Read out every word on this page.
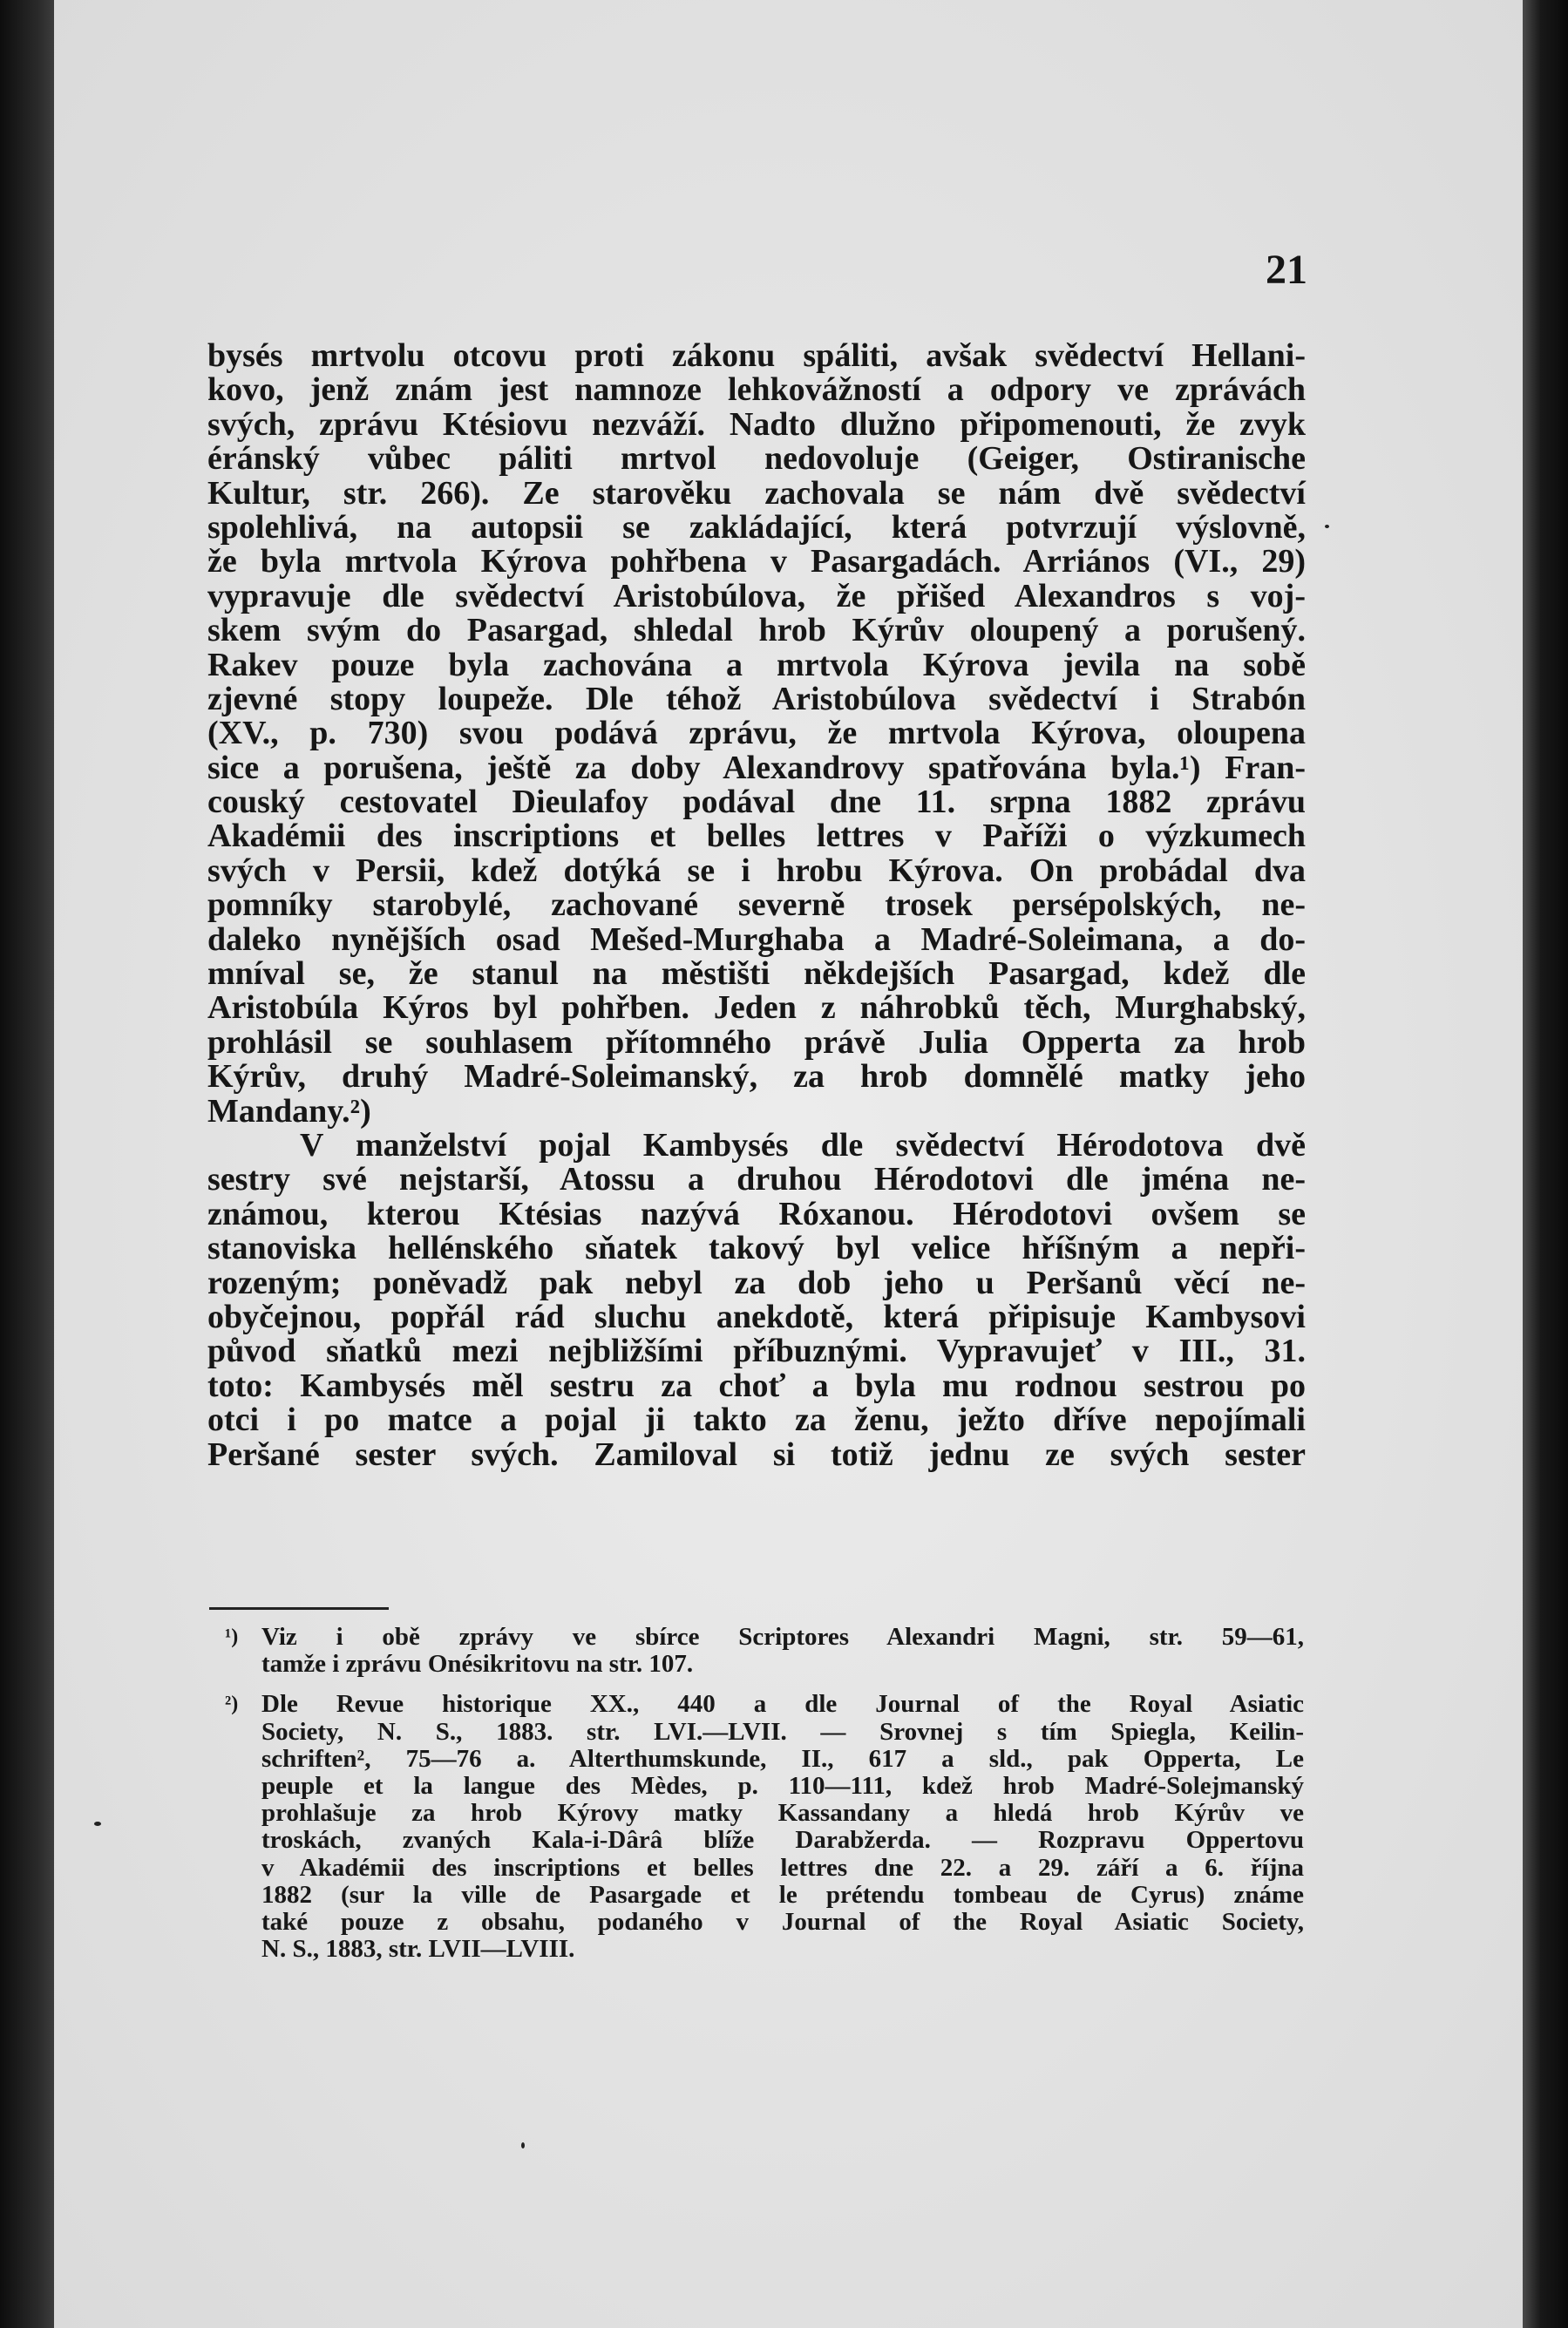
21
bysés mrtvolu otcovu proti zákonu spáliti, avšak svědectví Hellani-
kovo, jenž znám jest namnoze lehkovážností a odpory ve zprávách
svých, zprávu Ktésiovu nezváží. Nadto dlužno připomenouti, že zvyk
éránský vůbec páliti mrtvol nedovoluje (Geiger, Ostiranische
Kultur, str. 266). Ze starověku zachovala se nám dvě svědectví
spolehlivá, na autopsii se zakládající, která potvrzují výslovně,
že byla mrtvola Kýrova pohřbena v Pasargadách. Arriános (VI., 29)
vypravuje dle svědectví Aristobúlova, že přišed Alexandros s voj-
skem svým do Pasargad, shledal hrob Kýrův oloupený a porušený.
Rakev pouze byla zachována a mrtvola Kýrova jevila na sobě
zjevné stopy loupeže. Dle téhož Aristobúlova svědectví i Strabón
(XV., p. 730) svou podává zprávu, že mrtvola Kýrova, oloupena
sice a porušena, ještě za doby Alexandrovy spatřována byla.¹) Fran-
couský cestovatel Dieulafoy podával dne 11. srpna 1882 zprávu
Akadémii des inscriptions et belles lettres v Paříži o výzkumech
svých v Persii, kdež dotýká se i hrobu Kýrova. On probádal dva
pomníky starobylé, zachované severně trosek persépolských, ne-
daleko nynějších osad Mešed-Murghaba a Madré-Soleimana, a do-
mníval se, že stanul na městišti někdejších Pasargad, kdež dle
Aristobúla Kýros byl pohřben. Jeden z náhrobků těch, Murghabský,
prohlásil se souhlasem přítomného právě Julia Opperta za hrob
Kýrův, druhý Madré-Soleimanský, za hrob domnělé matky jeho
Mandany.²)
V manželství pojal Kambysés dle svědectví Hérodotova dvě
sestry své nejstarší, Atossu a druhou Hérodotovi dle jména ne-
známou, kterou Ktésias nazývá Róxanou. Hérodotovi ovšem se
stanoviska hellénského sňatek takový byl velice hříšným a nepři-
rozeným; poněvadž pak nebyl za dob jeho u Peršanů věcí ne-
obyčejnou, popřál rád sluchu anekdotě, která připisuje Kambysovi
původ sňatků mezi nejbližšími příbuznými. Vypravujeť v III., 31.
toto: Kambysés měl sestru za choť a byla mu rodnou sestrou po
otci i po matce a pojal ji takto za ženu, ježto dříve nepojímali
Peršané sester svých. Zamiloval si totiž jednu ze svých sester
¹) Viz i obě zprávy ve sbírce Scriptores Alexandri Magni, str. 59—61,
tamže i zprávu Onésikritovu na str. 107.
²) Dle Revue historique XX., 440 a dle Journal of the Royal Asiatic
Society, N. S., 1883. str. LVI.—LVII. — Srovnej s tím Spiegla, Keilin-
schriften², 75—76 a. Alterthumskunde, II., 617 a sld., pak Opperta, Le
peuple et la langue des Mèdes, p. 110—111, kdež hrob Madré-Solejmanský
prohlašuje za hrob Kýrovy matky Kassandany a hledá hrob Kýrův ve
troskách, zvaných Kala-i-Dârâ blíže Darabžerda. — Rozpravu Oppertovu
v Akadémii des inscriptions et belles lettres dne 22. a 29. září a 6. října
1882 (sur la ville de Pasargade et le prétendu tombeau de Cyrus) známe
také pouze z obsahu, podaného v Journal of the Royal Asiatic Society,
N. S., 1883, str. LVII—LVIII.
